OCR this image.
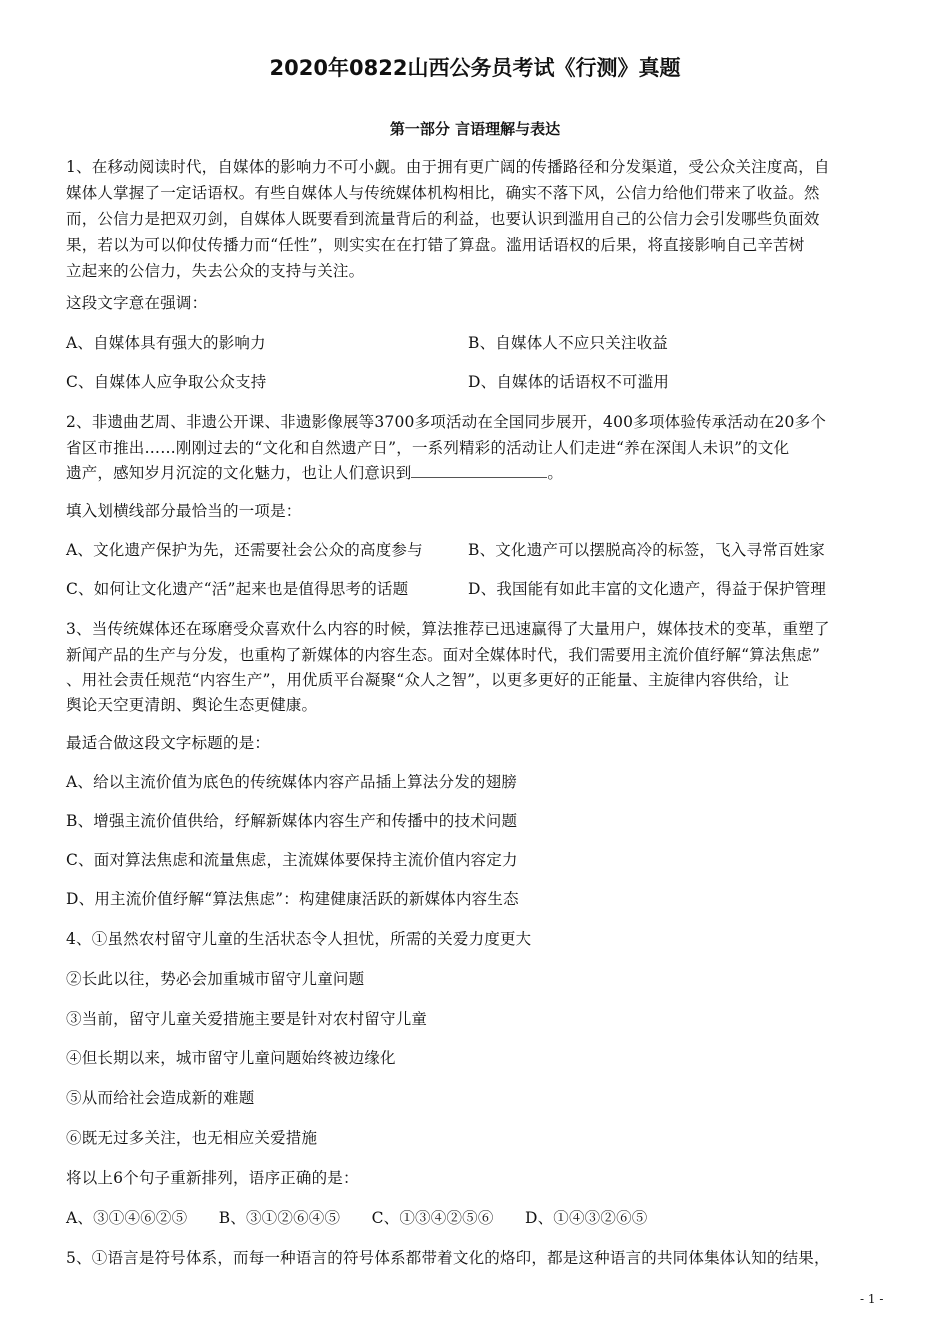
2020年0822山西公务员考试《行测》真题
第一部分 言语理解与表达
1、在移动阅读时代，自媒体的影响力不可小觑。由于拥有更广阔的传播路径和分发渠道，受公众关注度高，自
媒体人掌握了一定话语权。有些自媒体人与传统媒体机构相比，确实不落下风，公信力给他们带来了收益。然
而，公信力是把双刃剑，自媒体人既要看到流量背后的利益，也要认识到滥用自己的公信力会引发哪些负面效
果，若以为可以仰仗传播力而“任性”，则实实在在打错了算盘。滥用话语权的后果，将直接影响自己辛苦树
立起来的公信力，失去公众的支持与关注。
这段文字意在强调：
A、自媒体具有强大的影响力	B、自媒体人不应只关注收益
C、自媒体人应争取公众支持	D、自媒体的话语权不可滥用
2、非遗曲艺周、非遗公开课、非遗影像展等3700多项活动在全国同步展开，400多项体验传承活动在20多个
省区市推出……刚刚过去的“文化和自然遗产日”，一系列精彩的活动让人们走进“养在深闺人未识”的文化
遗产，感知岁月沉淀的文化魅力，也让人们意识到	。
填入划横线部分最恰当的一项是：
A、文化遗产保护为先，还需要社会公众的高度参与	B、文化遗产可以摆脱高冷的标签，飞入寻常百姓家
C、如何让文化遗产“活”起来也是值得思考的话题	D、我国能有如此丰富的文化遗产，得益于保护管理
3、当传统媒体还在琢磨受众喜欢什么内容的时候，算法推荐已迅速赢得了大量用户，媒体技术的变革，重塑了
新闻产品的生产与分发，也重构了新媒体的内容生态。面对全媒体时代，我们需要用主流价值纾解“算法焦虑”
、用社会责任规范“内容生产”，用优质平台凝聚“众人之智”，以更多更好的正能量、主旋律内容供给，让
舆论天空更清朗、舆论生态更健康。
最适合做这段文字标题的是：
A、给以主流价值为底色的传统媒体内容产品插上算法分发的翅膀
B、增强主流价值供给，纾解新媒体内容生产和传播中的技术问题
C、面对算法焦虑和流量焦虑，主流媒体要保持主流价值内容定力
D、用主流价值纾解“算法焦虑”：构建健康活跃的新媒体内容生态
4、①虽然农村留守儿童的生活状态令人担忧，所需的关爱力度更大
②长此以往，势必会加重城市留守儿童问题
③当前，留守儿童关爱措施主要是针对农村留守儿童
④但长期以来，城市留守儿童问题始终被边缘化
⑤从而给社会造成新的难题
⑥既无过多关注，也无相应关爱措施
将以上6个句子重新排列，语序正确的是：
A、③①④⑥②⑤　　B、③①②⑥④⑤　　C、①③④②⑤⑥　　D、①④③②⑥⑤
5、①语言是符号体系，而每一种语言的符号体系都带着文化的烙印，都是这种语言的共同体集体认知的结果，
- 1 -
